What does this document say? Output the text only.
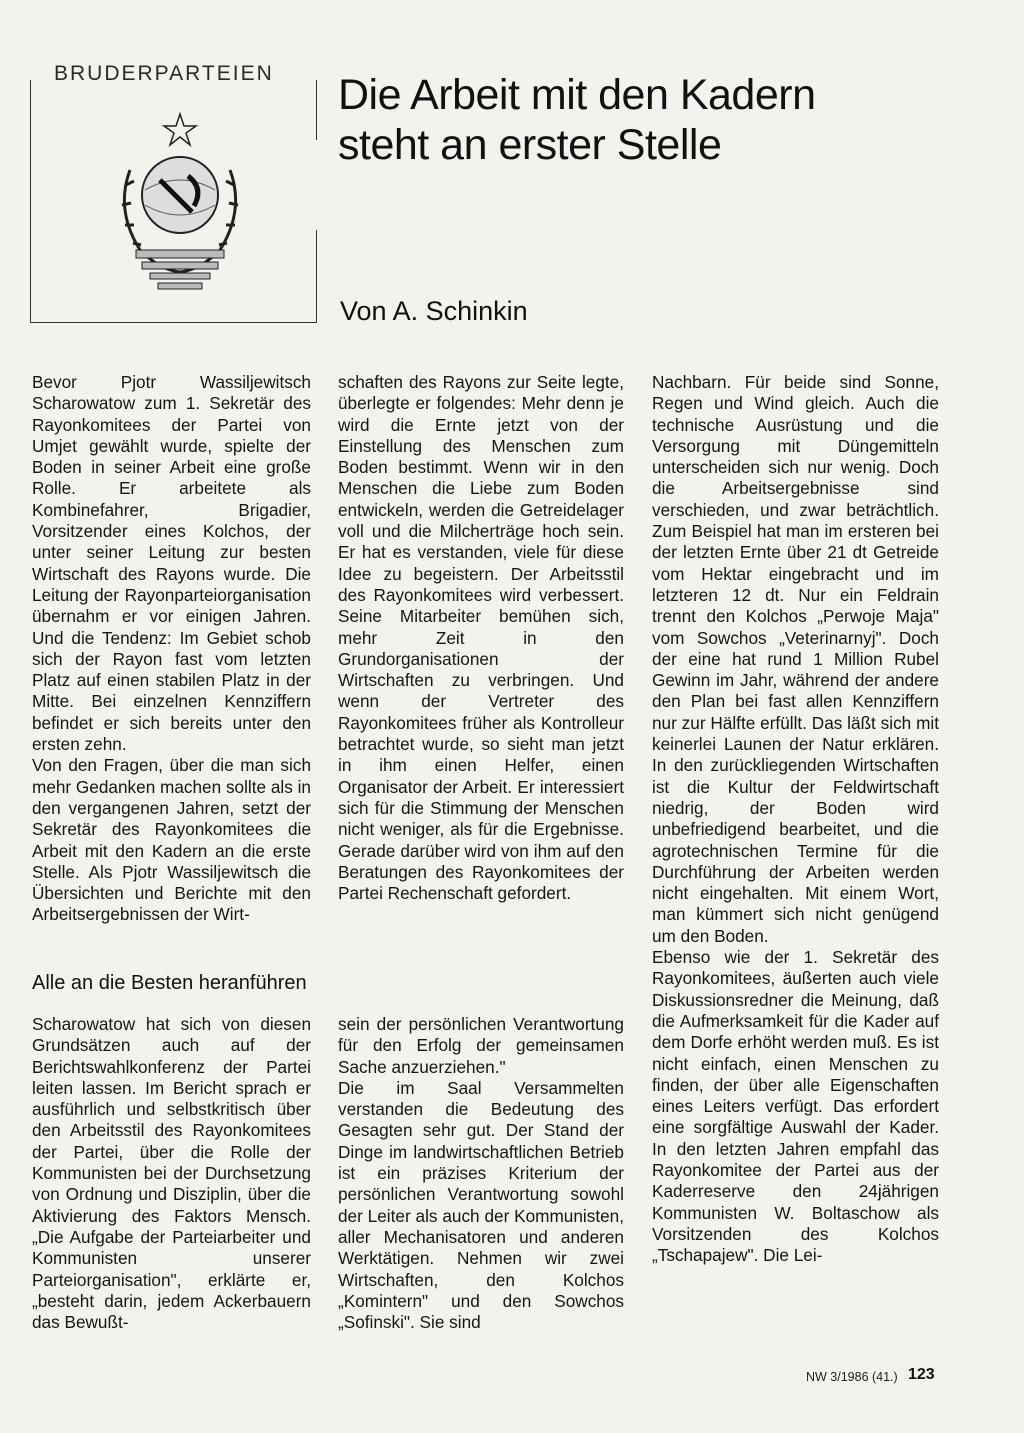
BRUDERPARTEIEN Die Arbeit mit den Kadern
steht an erster Stelle
Von A. Schinkin

Bevor Pjotr Wassiljewitsch Scharowatow zum 1. Sekretär des Rayonkomitees der Partei von Umjet gewählt wurde, spielte der Boden in seiner Arbeit eine große Rolle. Er arbeitete als Kombinefahrer, Brigadier, Vorsitzender eines Kolchos, der unter seiner Leitung zur besten Wirtschaft des Rayons wurde. Die Leitung der Rayonparteiorganisation übernahm er vor einigen Jahren. Und die Tendenz: Im Gebiet schob sich der Rayon fast vom letzten Platz auf einen stabilen Platz in der Mitte. Bei einzelnen Kennziffern befindet er sich bereits unter den ersten zehn.

Von den Fragen, über die man sich mehr Gedanken machen sollte als in den vergangenen Jahren, setzt der Sekretär des Rayonkomitees die Arbeit mit den Kadern an die erste Stelle. Als Pjotr Wassiljewitsch die Übersichten und Berichte mit den Arbeitsergebnissen der Wirt-

schaften des Rayons zur Seite legte, überlegte er folgendes: Mehr denn je wird die Ernte jetzt von der Einstellung des Menschen zum Boden bestimmt. Wenn wir in den Menschen die Liebe zum Boden entwickeln, werden die Getreidelager voll und die Milcherträge hoch sein. Er hat es verstanden, viele für diese Idee zu begeistern. Der Arbeitsstil des Rayonkomitees wird verbessert. Seine Mitarbeiter bemühen sich, mehr Zeit in den Grundorganisationen der Wirtschaften zu verbringen. Und wenn der Vertreter des Rayonkomitees früher als Kontrolleur betrachtet wurde, so sieht man jetzt in ihm einen Helfer, einen Organisator der Arbeit. Er interessiert sich für die Stimmung der Menschen nicht weniger, als für die Ergebnisse. Gerade darüber wird von ihm auf den Beratungen des Rayonkomitees der Partei Rechenschaft gefordert.

Nachbarn. Für beide sind Sonne, Regen und Wind gleich. Auch die technische Ausrüstung und die Versorgung mit Düngemitteln unterscheiden sich nur wenig. Doch die Arbeitsergebnisse sind verschieden, und zwar beträchtlich. Zum Beispiel hat man im ersteren bei der letzten Ernte über 21 dt Getreide vom Hektar eingebracht und im letzteren 12 dt. Nur ein Feldrain trennt den Kolchos „Perwoje Maja" vom Sowchos „Veterinarnyj". Doch der eine hat rund 1 Million Rubel Gewinn im Jahr, während der andere den Plan bei fast allen Kennziffern nur zur Hälfte erfüllt. Das läßt sich mit keinerlei Launen der Natur erklären. In den zurückliegenden Wirtschaften ist die Kultur der Feldwirtschaft niedrig, der Boden wird unbefriedigend bearbeitet, und die agrotechnischen Termine für die Durchführung der Arbeiten werden nicht eingehalten. Mit einem Wort, man kümmert sich nicht genügend um den Boden.

Ebenso wie der 1. Sekretär des Rayonkomitees, äußerten auch viele Diskussionsredner die Meinung, daß die Aufmerksamkeit für die Kader auf dem Dorfe erhöht werden muß. Es ist nicht einfach, einen Menschen zu finden, der über alle Eigenschaften eines Leiters verfügt. Das erfordert eine sorgfältige Auswahl der Kader. In den letzten Jahren empfahl das Rayonkomitee der Partei aus der Kaderreserve den 24jährigen Kommunisten W. Boltaschow als Vorsitzenden des Kolchos „Tschapajew". Die Lei-

Alle an die Besten heranführen

Scharowatow hat sich von diesen Grundsätzen auch auf der Berichtswahlkonferenz der Partei leiten lassen. Im Bericht sprach er ausführlich und selbstkritisch über den Arbeitsstil des Rayonkomitees der Partei, über die Rolle der Kommunisten bei der Durchsetzung von Ordnung und Disziplin, über die Aktivierung des Faktors Mensch. „Die Aufgabe der Parteiarbeiter und Kommunisten unserer Parteiorganisation", erklärte er, „besteht darin, jedem Ackerbauern das Bewußt-

sein der persönlichen Verantwortung für den Erfolg der gemeinsamen Sache anzuerziehen."

Die im Saal Versammelten verstanden die Bedeutung des Gesagten sehr gut. Der Stand der Dinge im landwirtschaftlichen Betrieb ist ein präzises Kriterium der persönlichen Verantwortung sowohl der Leiter als auch der Kommunisten, aller Mechanisatoren und anderen Werktätigen. Nehmen wir zwei Wirtschaften, den Kolchos „Komintern" und den Sowchos „Sofinski". Sie sind

NW 3/1986 (41.) 123
